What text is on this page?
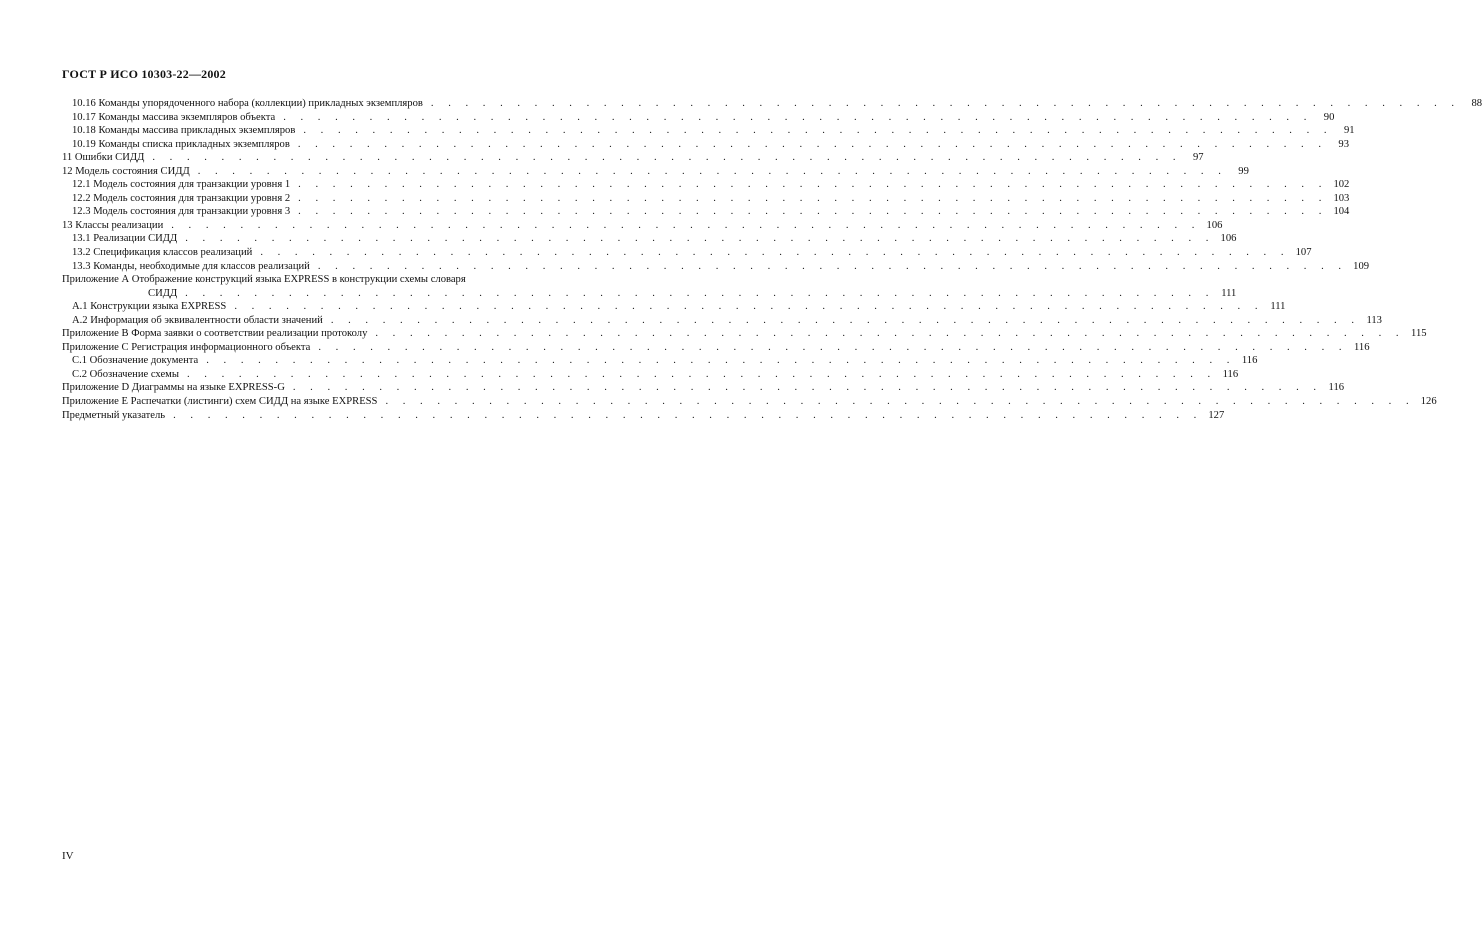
ГОСТ Р ИСО 10303-22—2002
10.16 Команды упорядоченного набора (коллекции) прикладных экземпляров . . . . . . . . . . . . . . . . . . . . . . . . . . . . . . . . . . . . . . . . . . . . . . . . . . . . . . . . . . . .	88
10.17 Команды массива экземпляров объекта . . . . . . . . . . . . . . . . . . . . . . . . . . . . . . . . . . . . . . . . . . . . . . . . . . . . . . . . . . . .	90
10.18 Команды массива прикладных экземпляров . . . . . . . . . . . . . . . . . . . . . . . . . . . . . . . . . . . . . . . . . . . . . . . . . . . . . . . . . . . .	91
10.19 Команды списка прикладных экземпляров . . . . . . . . . . . . . . . . . . . . . . . . . . . . . . . . . . . . . . . . . . . . . . . . . . . . . . . . . . . .	93
11 Ошибки СИДД . . . . . . . . . . . . . . . . . . . . . . . . . . . . . . . . . . . . . . . . . . . . . . . . . . . . . . . . . . . .	97
12 Модель состояния СИДД . . . . . . . . . . . . . . . . . . . . . . . . . . . . . . . . . . . . . . . . . . . . . . . . . . . . . . . . . . . .	99
12.1 Модель состояния для транзакции уровня 1 . . . . . . . . . . . . . . . . . . . . . . . . . . . . . . . . . . . . . . . . . . . . . . . . . . . . . . . . . . . . 102
12.2 Модель состояния для транзакции уровня 2 . . . . . . . . . . . . . . . . . . . . . . . . . . . . . . . . . . . . . . . . . . . . . . . . . . . . . . . . . . . . 103
12.3 Модель состояния для транзакции уровня 3 . . . . . . . . . . . . . . . . . . . . . . . . . . . . . . . . . . . . . . . . . . . . . . . . . . . . . . . . . . . . 104
13 Классы реализации . . . . . . . . . . . . . . . . . . . . . . . . . . . . . . . . . . . . . . . . . . . . . . . . . . . . . . . . . . . . 106
13.1 Реализации СИДД . . . . . . . . . . . . . . . . . . . . . . . . . . . . . . . . . . . . . . . . . . . . . . . . . . . . . . . . . . . . 106
13.2 Спецификация классов реализаций . . . . . . . . . . . . . . . . . . . . . . . . . . . . . . . . . . . . . . . . . . . . . . . . . . . . . . . . . . . . 107
13.3 Команды, необходимые для классов реализаций . . . . . . . . . . . . . . . . . . . . . . . . . . . . . . . . . . . . . . . . . . . . . . . . . . . . . . . . . . . . 109
Приложение А Отображение конструкций языка EXPRESS в конструкции схемы словаря
СИДД . . . . . . . . . . . . . . . . . . . . . . . . . . . . . . . . . . . . . . . . . . . . . . . . . . . . . . . . . . . . 111
А.1 Конструкции языка EXPRESS . . . . . . . . . . . . . . . . . . . . . . . . . . . . . . . . . . . . . . . . . . . . . . . . . . . . . . . . . . . . 111
А.2 Информация об эквивалентности области значений . . . . . . . . . . . . . . . . . . . . . . . . . . . . . . . . . . . . . . . . . . . . . . . . . . . . . . . . . . . . 113
Приложение В Форма заявки о соответствии реализации протоколу . . . . . . . . . . . . . . . . . . . . . . . . . . . . . . . . . . . . . . . . . . . . . . . . . . . . . . . . . . . . 115
Приложение С Регистрация информационного объекта . . . . . . . . . . . . . . . . . . . . . . . . . . . . . . . . . . . . . . . . . . . . . . . . . . . . . . . . . . . . 116
С.1 Обозначение документа . . . . . . . . . . . . . . . . . . . . . . . . . . . . . . . . . . . . . . . . . . . . . . . . . . . . . . . . . . . . 116
С.2 Обозначение схемы . . . . . . . . . . . . . . . . . . . . . . . . . . . . . . . . . . . . . . . . . . . . . . . . . . . . . . . . . . . . 116
Приложение D Диаграммы на языке EXPRESS-G . . . . . . . . . . . . . . . . . . . . . . . . . . . . . . . . . . . . . . . . . . . . . . . . . . . . . . . . . . . . 116
Приложение Е Распечатки (листинги) схем СИДД на языке EXPRESS . . . . . . . . . . . . . . . . . . . . . . . . . . . . . . . . . . . . . . . . . . . . . . . . . . . . . . . . . . . . 126
Предметный указатель . . . . . . . . . . . . . . . . . . . . . . . . . . . . . . . . . . . . . . . . . . . . . . . . . . . . . . . . . . . . 127
IV
